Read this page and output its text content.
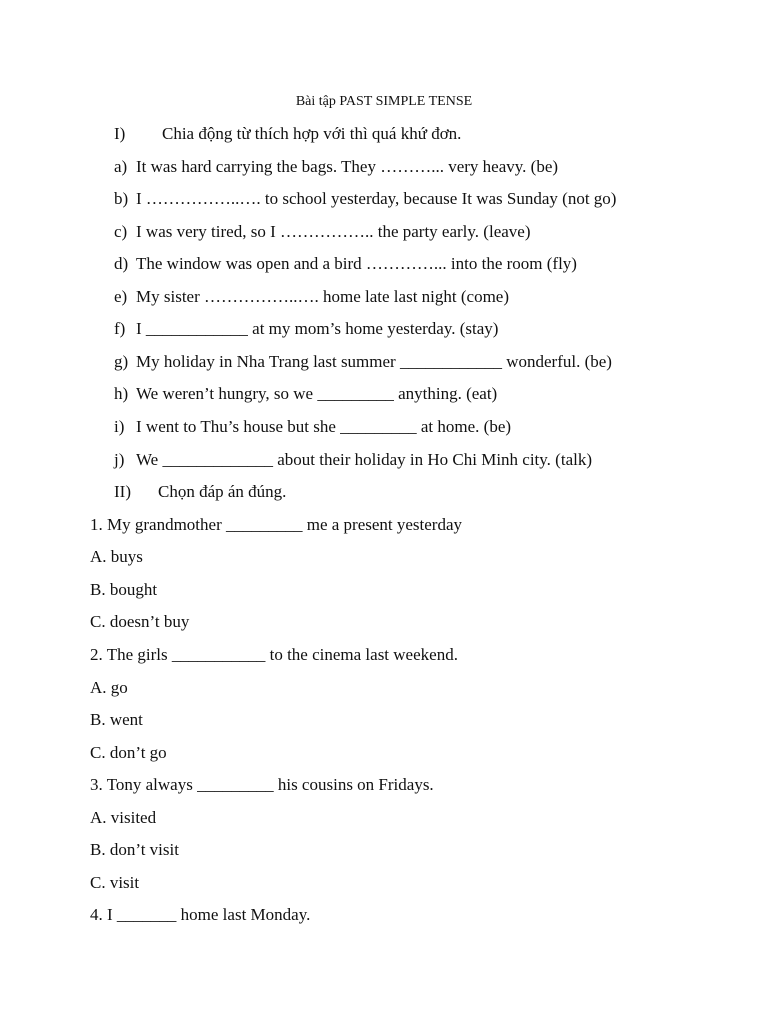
Bài tập PAST SIMPLE TENSE
I) Chia động từ thích hợp với thì quá khứ đơn.
a) It was hard carrying the bags. They ………... very heavy. (be)
b) I ……………..…. to school yesterday, because It was Sunday (not go)
c) I was very tired, so I …………….. the party early. (leave)
d) The window was open and a bird …………... into the room (fly)
e) My sister ……………..…. home late last night (come)
f) I ____________ at my mom’s home yesterday. (stay)
g) My holiday in Nha Trang last summer ____________ wonderful. (be)
h) We weren’t hungry, so we _________ anything. (eat)
i) I went to Thu’s house but she _________ at home. (be)
j) We _____________ about their holiday in Ho Chi Minh city. (talk)
II) Chọn đáp án đúng.
1. My grandmother _________ me a present yesterday
A. buys
B. bought
C. doesn’t buy
2. The girls ___________ to the cinema last weekend.
A. go
B. went
C. don’t go
3. Tony always _________ his cousins on Fridays.
A. visited
B. don’t visit
C. visit
4. I _______ home last Monday.
